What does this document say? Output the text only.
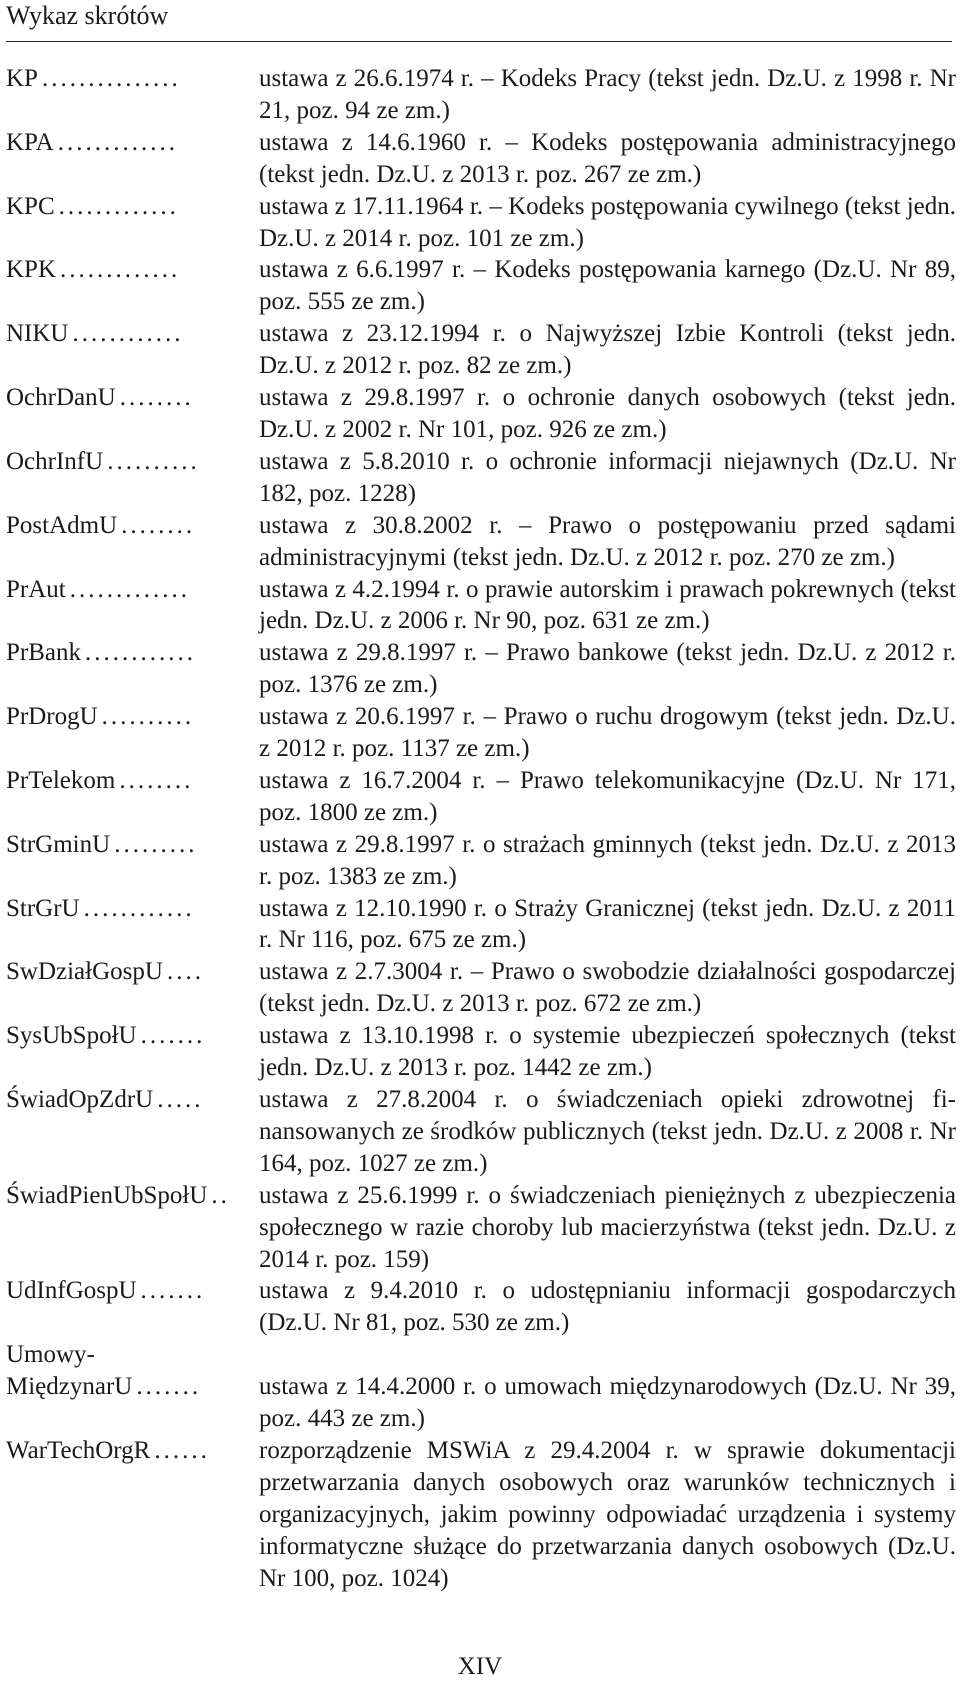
Wykaz skrótów
KP ...............	ustawa z 26.6.1974 r. – Kodeks Pracy (tekst jedn. Dz.U. z 1998 r. Nr 21, poz. 94 ze zm.)
KPA .............	ustawa z 14.6.1960 r. – Kodeks postępowania administracyjnego (tekst jedn. Dz.U. z 2013 r. poz. 267 ze zm.)
KPC .............	ustawa z 17.11.1964 r. – Kodeks postępowania cywilnego (tekst jedn. Dz.U. z 2014 r. poz. 101 ze zm.)
KPK .............	ustawa z 6.6.1997 r. – Kodeks postępowania karnego (Dz.U. Nr 89, poz. 555 ze zm.)
NIKU ............	ustawa z 23.12.1994 r. o Najwyższej Izbie Kontroli (tekst jedn. Dz.U. z 2012 r. poz. 82 ze zm.)
OchrDanU ........	ustawa z 29.8.1997 r. o ochronie danych osobowych (tekst jedn. Dz.U. z 2002 r. Nr 101, poz. 926 ze zm.)
OchrInfU ..........	ustawa z 5.8.2010 r. o ochronie informacji niejawnych (Dz.U. Nr 182, poz. 1228)
PostAdmU ........	ustawa z 30.8.2002 r. – Prawo o postępowaniu przed sądami administracyjnymi (tekst jedn. Dz.U. z 2012 r. poz. 270 ze zm.)
PrAut .............	ustawa z 4.2.1994 r. o prawie autorskim i prawach pokrewnych (tekst jedn. Dz.U. z 2006 r. Nr 90, poz. 631 ze zm.)
PrBank ............	ustawa z 29.8.1997 r. – Prawo bankowe (tekst jedn. Dz.U. z 2012 r. poz. 1376 ze zm.)
PrDrogU ..........	ustawa z 20.6.1997 r. – Prawo o ruchu drogowym (tekst jedn. Dz.U. z 2012 r. poz. 1137 ze zm.)
PrTelekom ........	ustawa z 16.7.2004 r. – Prawo telekomunikacyjne (Dz.U. Nr 171, poz. 1800 ze zm.)
StrGminU .........	ustawa z 29.8.1997 r. o strażach gminnych (tekst jedn. Dz.U. z 2013 r. poz. 1383 ze zm.)
StrGrU ............	ustawa z 12.10.1990 r. o Straży Granicznej (tekst jedn. Dz.U. z 2011 r. Nr 116, poz. 675 ze zm.)
SwDziałGospU ....	ustawa z 2.7.3004 r. – Prawo o swobodzie działalności gospodarczej (tekst jedn. Dz.U. z 2013 r. poz. 672 ze zm.)
SysUbSpołU .......	ustawa z 13.10.1998 r. o systemie ubezpieczeń społecznych (tekst jedn. Dz.U. z 2013 r. poz. 1442 ze zm.)
ŚwiadOpZdrU .....	ustawa z 27.8.2004 r. o świadczeniach opieki zdrowotnej finansowanych ze środków publicznych (tekst jedn. Dz.U. z 2008 r. Nr 164, poz. 1027 ze zm.)
ŚwiadPienUbSpołU ..	ustawa z 25.6.1999 r. o świadczeniach pieniężnych z ubezpieczenia społecznego w razie choroby lub macierzyństwa (tekst jedn. Dz.U. z 2014 r. poz. 159)
UdInfGospU .......	ustawa z 9.4.2010 r. o udostępnianiu informacji gospodarczych (Dz.U. Nr 81, poz. 530 ze zm.)
Umowy-
MiędzynarU .......	ustawa z 14.4.2000 r. o umowach międzynarodowych (Dz.U. Nr 39, poz. 443 ze zm.)
WarTechOrgR ......	rozporządzenie MSWiA z 29.4.2004 r. w sprawie dokumentacji przetwarzania danych osobowych oraz warunków technicznych i organizacyjnych, jakim powinny odpowiadać urządzenia i systemy informatyczne służące do przetwarzania danych osobowych (Dz.U. Nr 100, poz. 1024)
XIV
